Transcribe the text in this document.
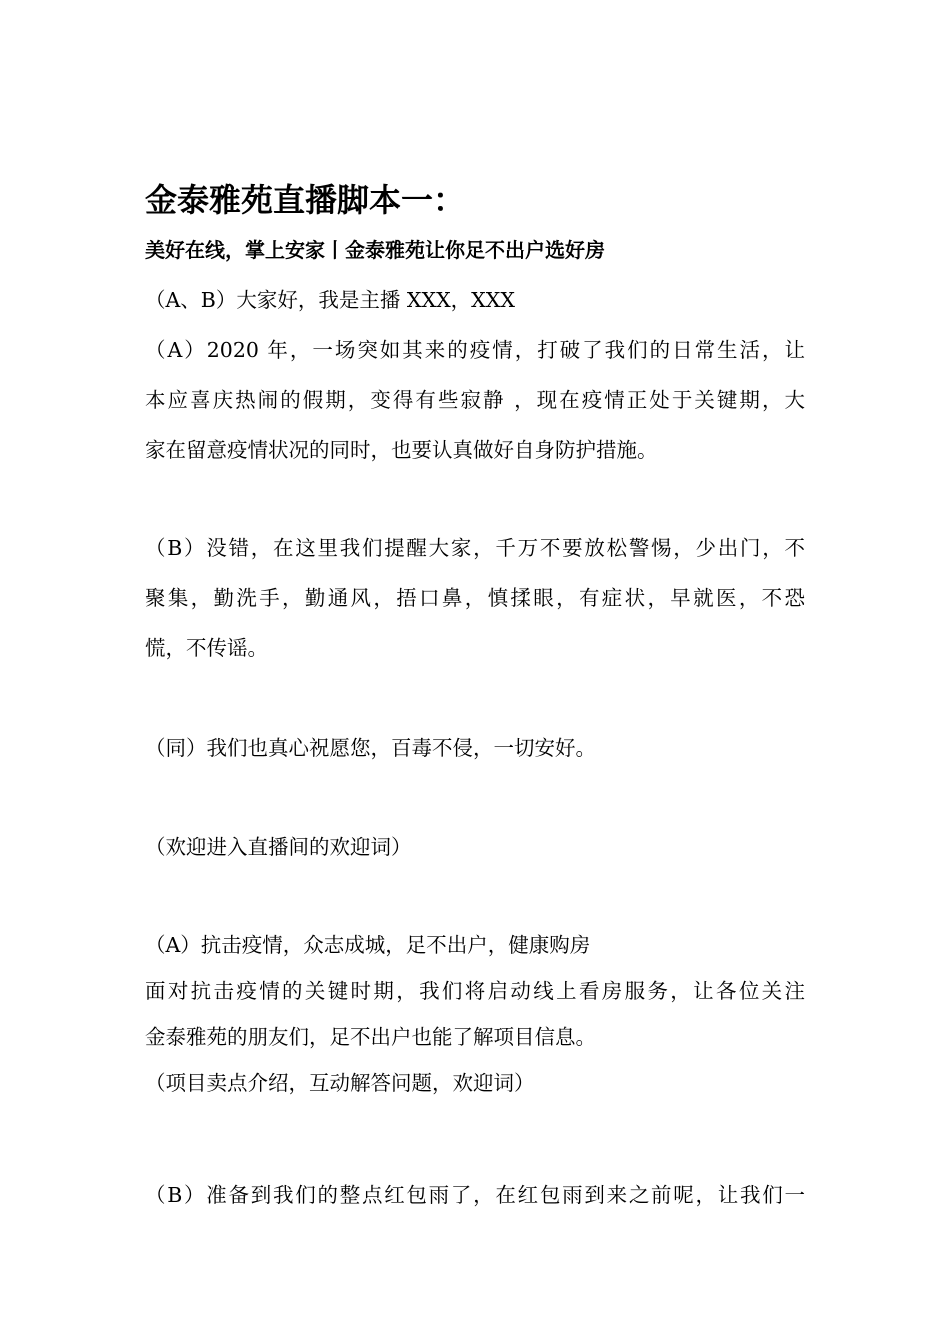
金泰雅苑直播脚本一：
美好在线，掌上安家丨金泰雅苑让你足不出户选好房
（A、B）大家好，我是主播 XXX，XXX
（A）2020 年，一场突如其来的疫情，打破了我们的日常生活，让
本应喜庆热闹的假期，变得有些寂静 ，现在疫情正处于关键期，大
家在留意疫情状况的同时，也要认真做好自身防护措施。
（B）没错，在这里我们提醒大家，千万不要放松警惕，少出门，不
聚集，勤洗手，勤通风，捂口鼻，慎揉眼，有症状，早就医，不恐
慌，不传谣。
（同）我们也真心祝愿您，百毒不侵，一切安好。
（欢迎进入直播间的欢迎词）
（A）抗击疫情，众志成城，足不出户，健康购房
面对抗击疫情的关键时期，我们将启动线上看房服务，让各位关注
金泰雅苑的朋友们，足不出户也能了解项目信息。
（项目卖点介绍，互动解答问题，欢迎词）
（B）准备到我们的整点红包雨了，在红包雨到来之前呢，让我们一
